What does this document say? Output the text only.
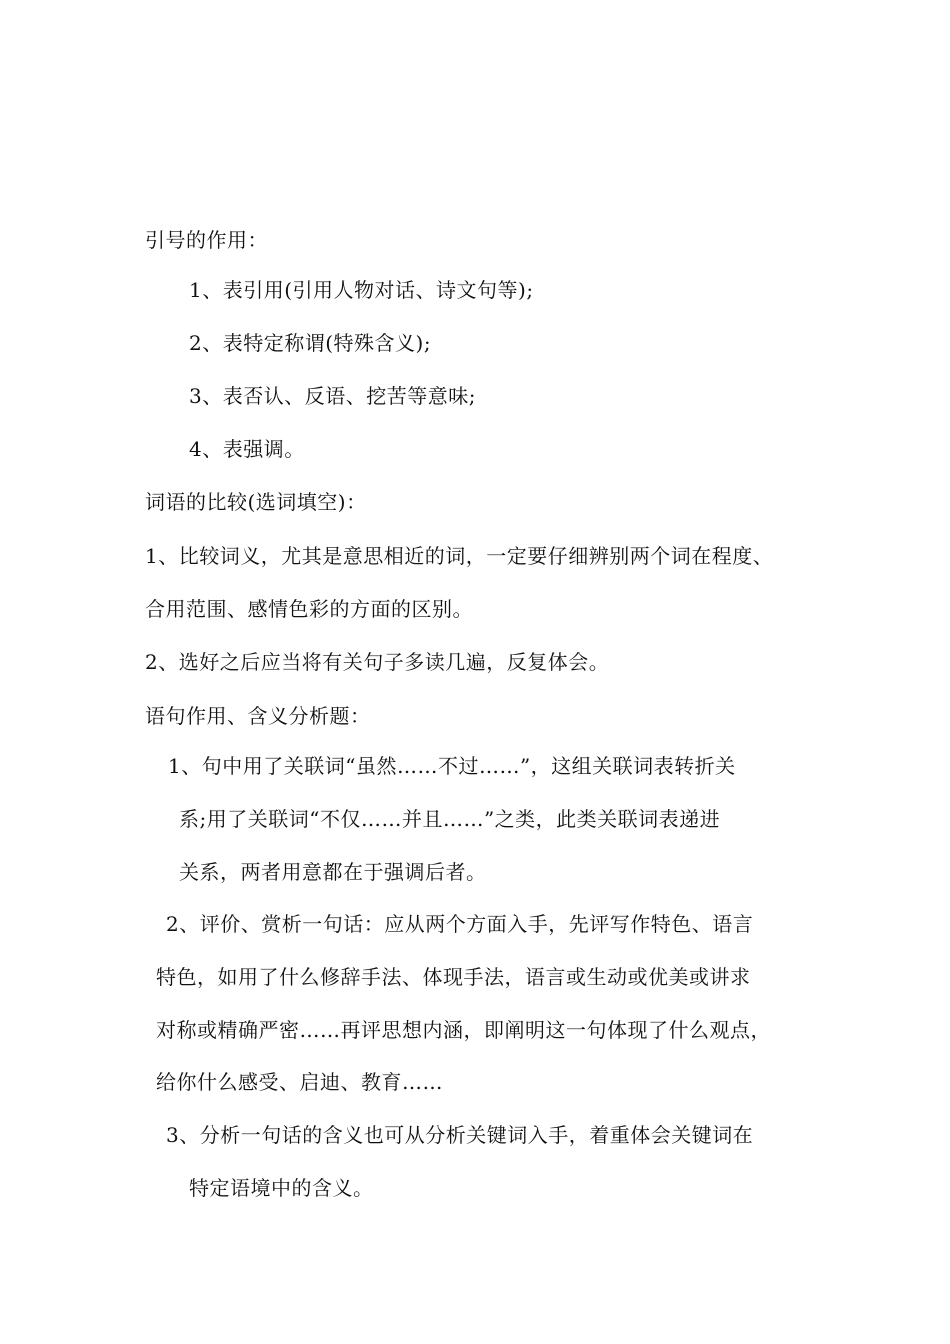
引号的作用：
1、表引用(引用人物对话、诗文句等);
2、表特定称谓(特殊含义);
3、表否认、反语、挖苦等意味;
4、表强调。
词语的比较(选词填空)：
1、比较词义，尤其是意思相近的词，一定要仔细辨别两个词在程度、
合用范围、感情色彩的方面的区别。
2、选好之后应当将有关句子多读几遍，反复体会。
语句作用、含义分析题：
1、句中用了关联词“虽然……不过……”，这组关联词表转折关
系;用了关联词“不仅……并且……”之类，此类关联词表递进
关系，两者用意都在于强调后者。
2、评价、赏析一句话：应从两个方面入手，先评写作特色、语言
特色，如用了什么修辞手法、体现手法，语言或生动或优美或讲求
对称或精确严密……再评思想内涵，即阐明这一句体现了什么观点，
给你什么感受、启迪、教育……
3、分析一句话的含义也可从分析关键词入手，着重体会关键词在
特定语境中的含义。
